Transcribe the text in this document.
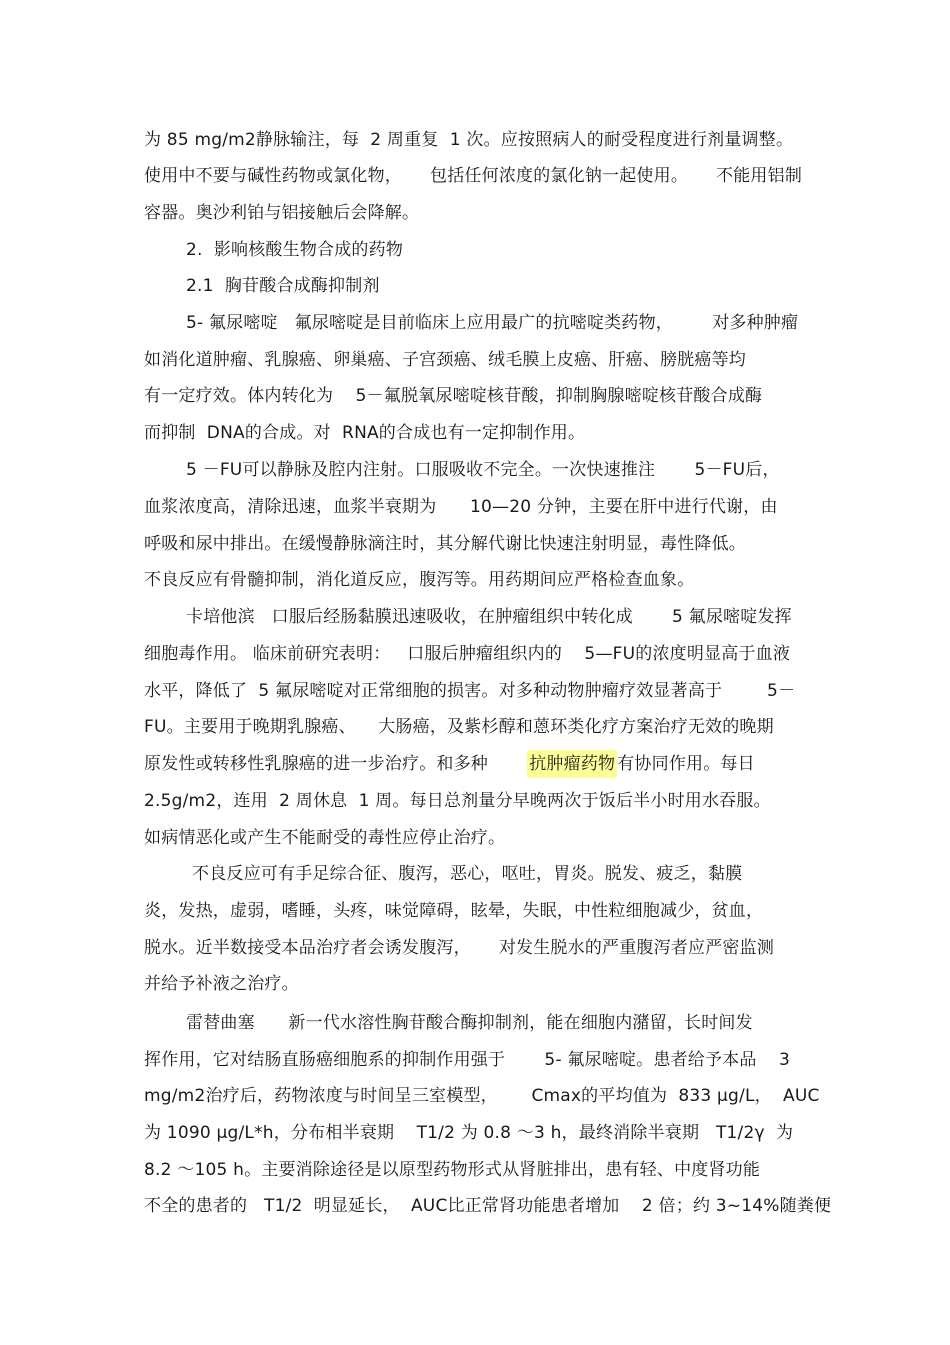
为 85 mg/m2静脉输注，每  2 周重复  1 次。应按照病人的耐受程度进行剂量调整。
使用中不要与碱性药物或氯化物，     包括任何浓度的氯化钠一起使用。     不能用铝制
容器。奥沙利铂与铝接触后会降解。
2.  影响核酸生物合成的药物
2.1  胸苷酸合成酶抑制剂
5- 氟尿嘧啶   氟尿嘧啶是目前临床上应用最广的抗嘧啶类药物，       对多种肿瘤
如消化道肿瘤、乳腺癌、卵巢癌、子宫颈癌、绒毛膜上皮癌、肝癌、膀胱癌等均
有一定疗效。体内转化为    5－氟脱氧尿嘧啶核苷酸，抑制胸腺嘧啶核苷酸合成酶
而抑制  DNA的合成。对  RNA的合成也有一定抑制作用。
5 －FU可以静脉及腔内注射。口服吸收不完全。一次快速推注       5－FU后，
血浆浓度高，清除迅速，血浆半衰期为      10—20 分钟，主要在肝中进行代谢，由
呼吸和尿中排出。在缓慢静脉滴注时，其分解代谢比快速注射明显，毒性降低。
不良反应有骨髓抑制，消化道反应，腹泻等。用药期间应严格检查血象。
卡培他滨   口服后经肠黏膜迅速吸收，在肿瘤组织中转化成       5 氟尿嘧啶发挥
细胞毒作用。 临床前研究表明：   口服后肿瘤组织内的    5—FU的浓度明显高于血液
水平，降低了  5 氟尿嘧啶对正常细胞的损害。对多种动物肿瘤疗效显著高于        5－
FU。主要用于晚期乳腺癌、    大肠癌，及紫杉醇和蒽环类化疗方案治疗无效的晚期
原发性或转移性乳腺癌的进一步治疗。和多种 抗肿瘤药物 有协同作用。每日
2.5g/m2，连用  2 周休息  1 周。每日总剂量分早晚两次于饭后半小时用水吞服。
如病情恶化或产生不能耐受的毒性应停止治疗。
不良反应可有手足综合征、腹泻，恶心，呕吐，胃炎。脱发、疲乏，黏膜
炎，发热，虚弱，嗜睡，头疼，味觉障碍，眩晕，失眠，中性粒细胞减少，贫血，
脱水。近半数接受本品治疗者会诱发腹泻，     对发生脱水的严重腹泻者应严密监测
并给予补液之治疗。
雷替曲塞      新一代水溶性胸苷酸合酶抑制剂，能在细胞内潴留，长时间发
挥作用，它对结肠直肠癌细胞系的抑制作用强于       5- 氟尿嘧啶。患者给予本品    3
mg/m2治疗后，药物浓度与时间呈三室模型，      Cmax的平均值为  833 μg/L，  AUC
为 1090 μg/L*h，分布相半衰期    T1/2 为 0.8 ～3 h，最终消除半衰期   T1/2γ  为
8.2 ～105 h。主要消除途径是以原型药物形式从肾脏排出，患有轻、中度肾功能
不全的患者的   T1/2  明显延长，  AUC比正常肾功能患者增加    2 倍；约 3~14%随粪便
